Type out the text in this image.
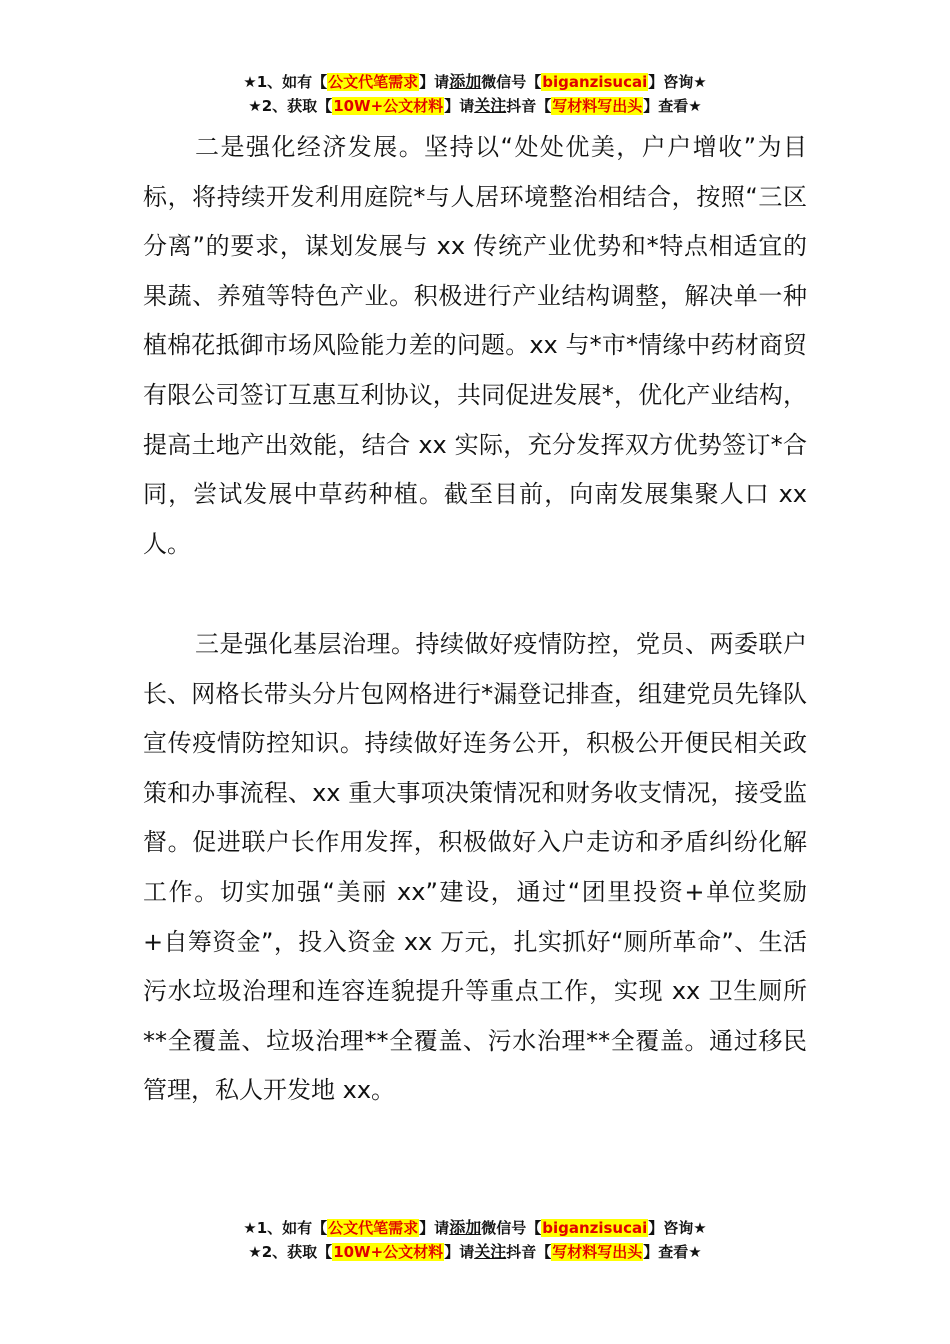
★1、如有【公文代笔需求】请添加微信号【biganzisucai】咨询★
★2、获取【10W+公文材料】请关注抖音【写材料写出头】查看★

二是强化经济发展。坚持以“处处优美，户户增收”为目标，将持续开发利用庭院*与人居环境整治相结合，按照“三区分离”的要求，谋划发展与 xx 传统产业优势和*特点相适宜的果蔬、养殖等特色产业。积极进行产业结构调整，解决单一种植棉花抵御市场风险能力差的问题。xx 与*市*情缘中药材商贸有限公司签订互惠互利协议，共同促进发展*，优化产业结构，提高土地产出效能，结合 xx 实际，充分发挥双方优势签订*合同，尝试发展中草药种植。截至目前，向南发展集聚人口 xx 人。

三是强化基层治理。持续做好疫情防控，党员、两委联户长、网格长带头分片包网格进行*漏登记排查，组建党员先锋队宣传疫情防控知识。持续做好连务公开，积极公开便民相关政策和办事流程、xx 重大事项决策情况和财务收支情况，接受监督。促进联户长作用发挥，积极做好入户走访和矛盾纠纷化解工作。切实加强“美丽 xx”建设，通过“团里投资+单位奖励+自筹资金”，投入资金 xx 万元，扎实抓好“厕所革命”、生活污水垃圾治理和连容连貌提升等重点工作，实现 xx 卫生厕所**全覆盖、垃圾治理**全覆盖、污水治理**全覆盖。通过移民管理，私人开发地 xx。

★1、如有【公文代笔需求】请添加微信号【biganzisucai】咨询★
★2、获取【10W+公文材料】请关注抖音【写材料写出头】查看★
